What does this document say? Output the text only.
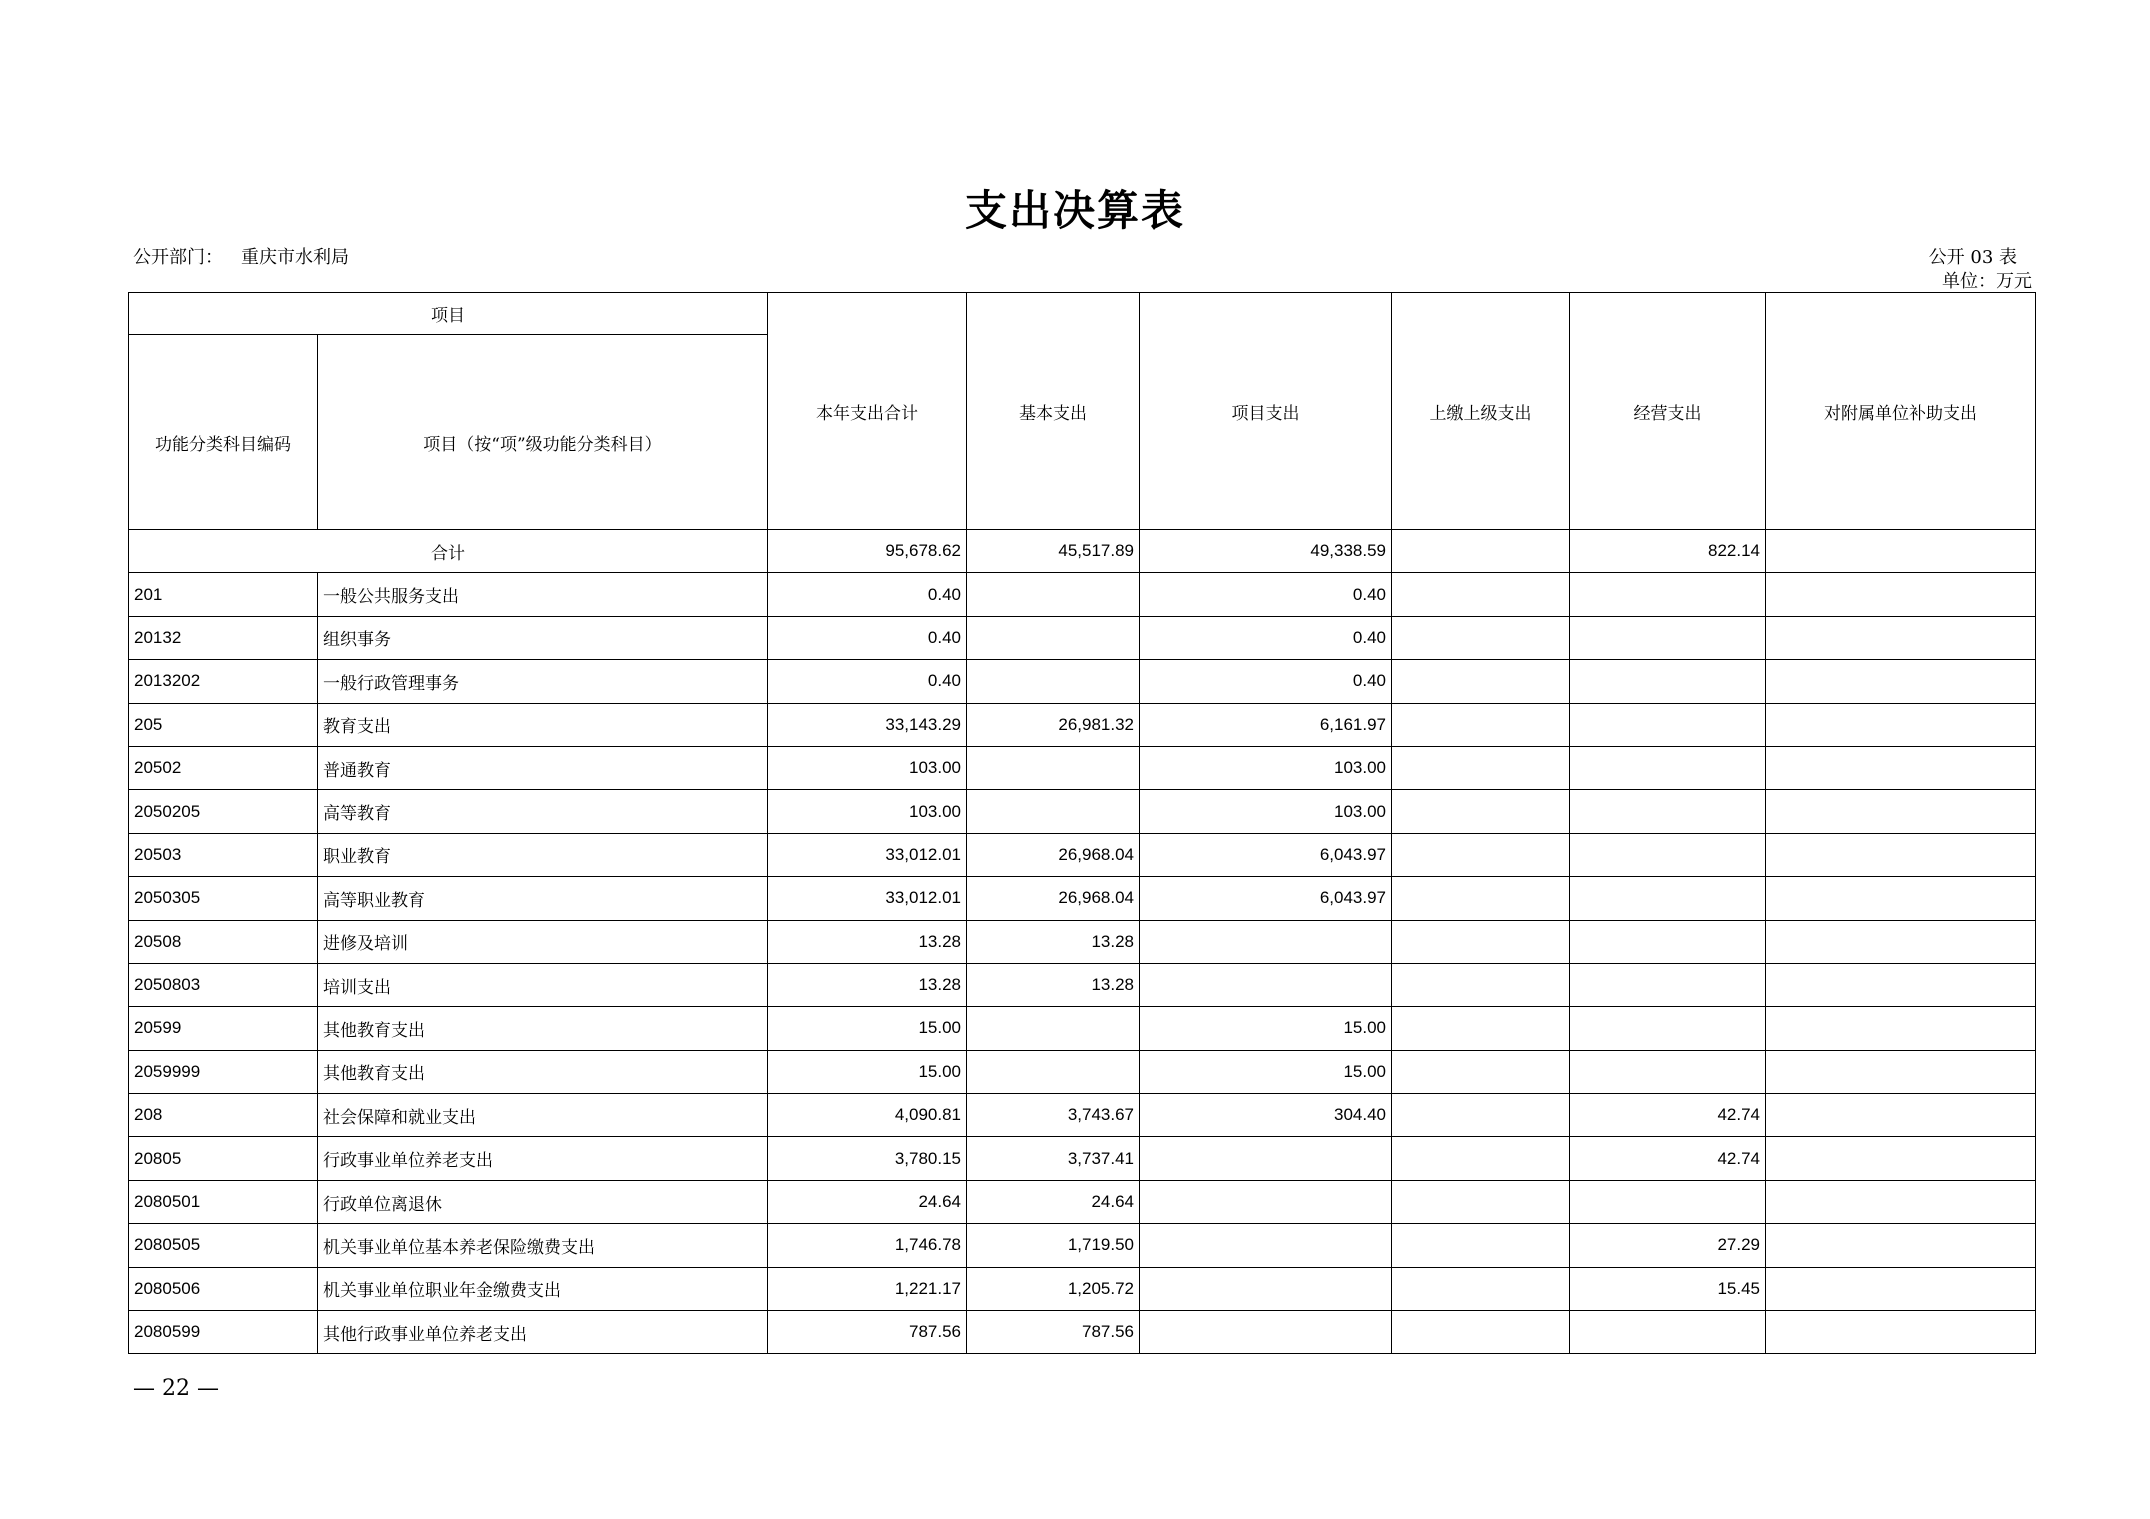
支出决算表
公开部门： 重庆市水利局	公开 03 表
单位：万元
项目		本年支出合计	基本支出	项目支出	上缴上级支出	经营支出	对附属单位补助支出
功能分类科目编码	项目（按“项”级功能分类科目）						
合计		95,678.62	45,517.89	49,338.59		822.14	
201	一般公共服务支出	0.40		0.40			
20132	组织事务	0.40		0.40			
2013202	一般行政管理事务	0.40		0.40			
205	教育支出	33,143.29	26,981.32	6,161.97			
20502	普通教育	103.00		103.00			
2050205	高等教育	103.00		103.00			
20503	职业教育	33,012.01	26,968.04	6,043.97			
2050305	高等职业教育	33,012.01	26,968.04	6,043.97			
20508	进修及培训	13.28	13.28				
2050803	培训支出	13.28	13.28				
20599	其他教育支出	15.00		15.00			
2059999	其他教育支出	15.00		15.00			
208	社会保障和就业支出	4,090.81	3,743.67	304.40		42.74	
20805	行政事业单位养老支出	3,780.15	3,737.41			42.74	
2080501	行政单位离退休	24.64	24.64				
2080505	机关事业单位基本养老保险缴费支出	1,746.78	1,719.50			27.29	
2080506	机关事业单位职业年金缴费支出	1,221.17	1,205.72			15.45	
2080599	其他行政事业单位养老支出	787.56	787.56				
— 22 —
